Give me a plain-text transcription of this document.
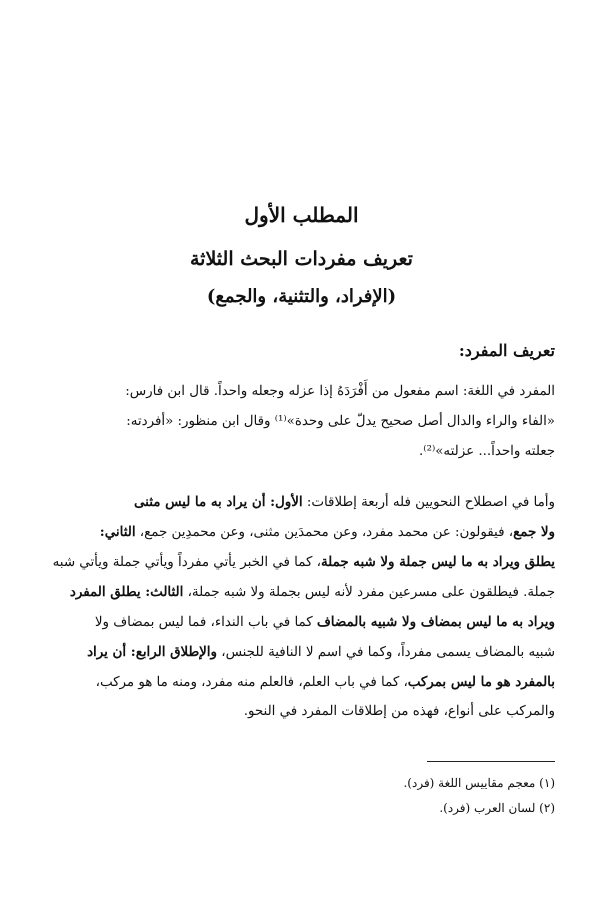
المطلب الأول
تعريف مفردات البحث الثلاثة
(الإفراد، والتثنية، والجمع)
تعريف المفرد:
المفرد في اللغة: اسم مفعول من أَفْرَدَهُ إذا عزله وجعله واحداً. قال ابن فارس:
«الفاء والراء والدال أصل صحيح يدلّ على وحدة»⁽¹⁾ وقال ابن منظور: «أفردته:
جعلته واحداً... عزلته»⁽²⁾.
وأما في اصطلاح النحويين فله أربعة إطلاقات: الأول: أن يراد به ما ليس مثنى
ولا جمع، فيقولون: عن محمد مفرد، وعن محمدَين مثنى، وعن محمدِين جمع، الثاني:
يطلق ويراد به ما ليس جملة ولا شبه جملة، كما في الخبر يأتي مفرداً ويأتي جملة ويأتي شبه
جملة. فيطلقون على مسرعين مفرد لأنه ليس بجملة ولا شبه جملة، الثالث: يطلق المفرد
ويراد به ما ليس بمضاف ولا شبيه بالمضاف كما في باب النداء، فما ليس بمضاف ولا
شبيه بالمضاف يسمى مفرداً، وكما في اسم لا النافية للجنس، والإطلاق الرابع: أن يراد
بالمفرد هو ما ليس بمركب، كما في باب العلم، فالعلم منه مفرد، ومنه ما هو مركب،
والمركب على أنواع، فهذه من إطلاقات المفرد في النحو.
(١) معجم مقاييس اللغة (فرد).
(٢) لسان العرب (فرد).
